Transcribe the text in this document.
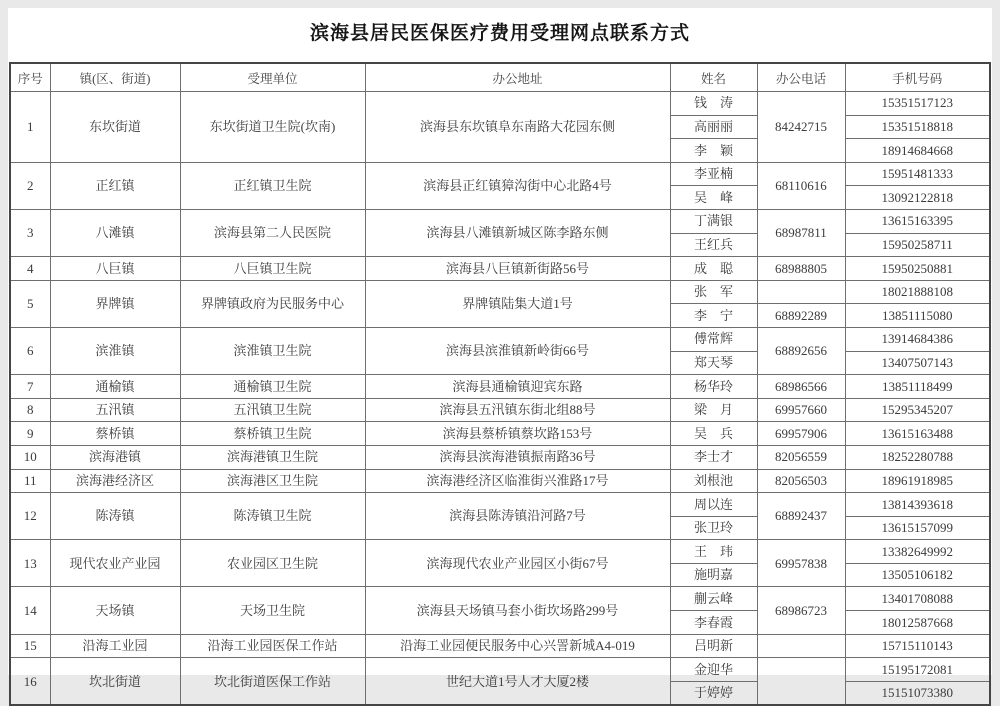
滨海县居民医保医疗费用受理网点联系方式
序号	镇(区、街道)	受理单位	办公地址	姓名	办公电话	手机号码
1	东坎街道	东坎街道卫生院(坎南)	滨海县东坎镇阜东南路大花园东侧	钱　涛	84242715	15351517123
				高丽丽		15351518818
				李　颖		18914684668
2	正红镇	正红镇卫生院	滨海县正红镇獐沟街中心北路4号	李亚楠	68110616	15951481333
				吴　峰		13092122818
3	八滩镇	滨海县第二人民医院	滨海县八滩镇新城区陈李路东侧	丁满银	68987811	13615163395
				王红兵		15950258711
4	八巨镇	八巨镇卫生院	滨海县八巨镇新街路56号	成　聪	68988805	15950250881
5	界牌镇	界牌镇政府为民服务中心	界牌镇陆集大道1号	张　军		18021888108
				李　宁	68892289	13851115080
6	滨淮镇	滨淮镇卫生院	滨海县滨淮镇新岭街66号	傅常辉	68892656	13914684386
				郑天琴		13407507143
7	通榆镇	通榆镇卫生院	滨海县通榆镇迎宾东路	杨华玲	68986566	13851118499
8	五汛镇	五汛镇卫生院	滨海县五汛镇东街北组88号	梁　月	69957660	15295345207
9	蔡桥镇	蔡桥镇卫生院	滨海县蔡桥镇蔡坎路153号	吴　兵	69957906	13615163488
10	滨海港镇	滨海港镇卫生院	滨海县滨海港镇振南路36号	李士才	82056559	18252280788
11	滨海港经济区	滨海港区卫生院	滨海港经济区临淮街兴淮路17号	刘根池	82056503	18961918985
12	陈涛镇	陈涛镇卫生院	滨海县陈涛镇沿河路7号	周以连	68892437	13814393618
				张卫玲		13615157099
13	现代农业产业园	农业园区卫生院	滨海现代农业产业园区小街67号	王　玮	69957838	13382649992
				施明嘉		13505106182
14	天场镇	天场卫生院	滨海县天场镇马套小街坎场路299号	蒯云峰	68986723	13401708088
				李春霞		18012587668
15	沿海工业园	沿海工业园医保工作站	沿海工业园便民服务中心兴詈新城A4-019	吕明新		15715110143
16	坎北街道	坎北街道医保工作站	世纪大道1号人才大厦2楼	金迎华		15195172081
				于婷婷		15151073380
